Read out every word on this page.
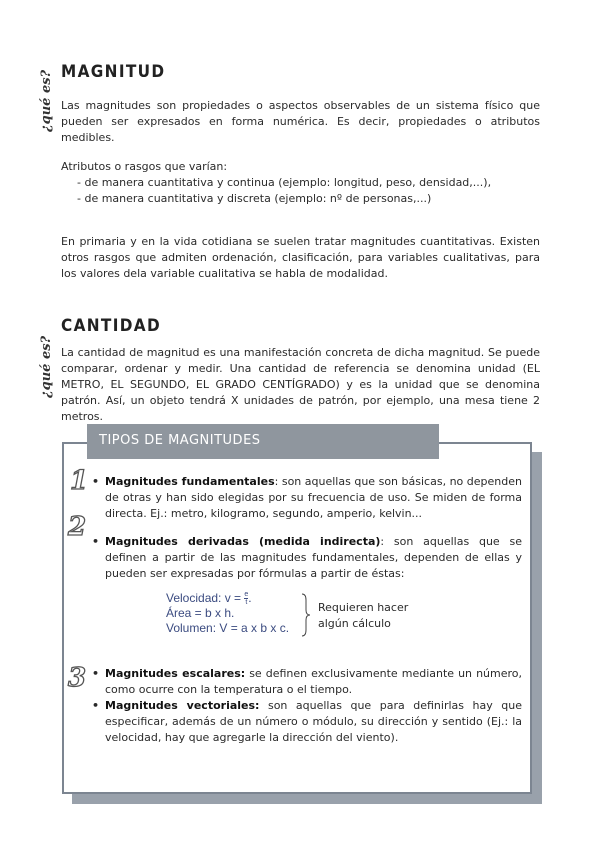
MAGNITUD
¿qué es? Las magnitudes son propiedades o aspectos observables de un sistema físico que pueden ser expresados en forma numérica. Es decir, propiedades o atributos medibles.

Atributos o rasgos que varían:

- de manera cuantitativa y continua (ejemplo: longitud, peso, densidad,...),

- de manera cuantitativa y discreta (ejemplo: nº de personas,...)

En primaria y en la vida cotidiana se suelen tratar magnitudes cuantitativas. Existen otros rasgos que admiten ordenación, clasificación, para variables cualitativas, para los valores dela variable cualitativa se habla de modalidad.

CANTIDAD
¿qué es? La cantidad de magnitud es una manifestación concreta de dicha magnitud. Se puede comparar, ordenar y medir. Una cantidad de referencia se denomina unidad (EL METRO, EL SEGUNDO, EL GRADO CENTÍGRADO) y es la unidad que se denomina patrón. Así, un objeto tendrá X unidades de patrón, por ejemplo, una mesa tiene 2 metros.

TIPOS DE MAGNITUDES
1
2
3
• Magnitudes fundamentales: son aquellas que son básicas, no dependen de otras y han sido elegidas por su frecuencia de uso. Se miden de forma directa. Ej.: metro, kilogramo, segundo, amperio, kelvin...
• Magnitudes derivadas (medida indirecta): son aquellas que se definen a partir de las magnitudes fundamentales, dependen de ellas y pueden ser expresadas por fórmulas a partir de éstas:
Velocidad: $v = \frac{e}{t}$ .
Área = b x h.
Volumen: V = a x b x c.
Requieren hacer
algún cálculo
• Magnitudes escalares: se definen exclusivamente mediante un número, como ocurre con la temperatura o el tiempo.
• Magnitudes vectoriales: son aquellas que para definirlas hay que especificar, además de un número o módulo, su dirección y sentido (Ej.: la velocidad, hay que agregarle la dirección del viento).
